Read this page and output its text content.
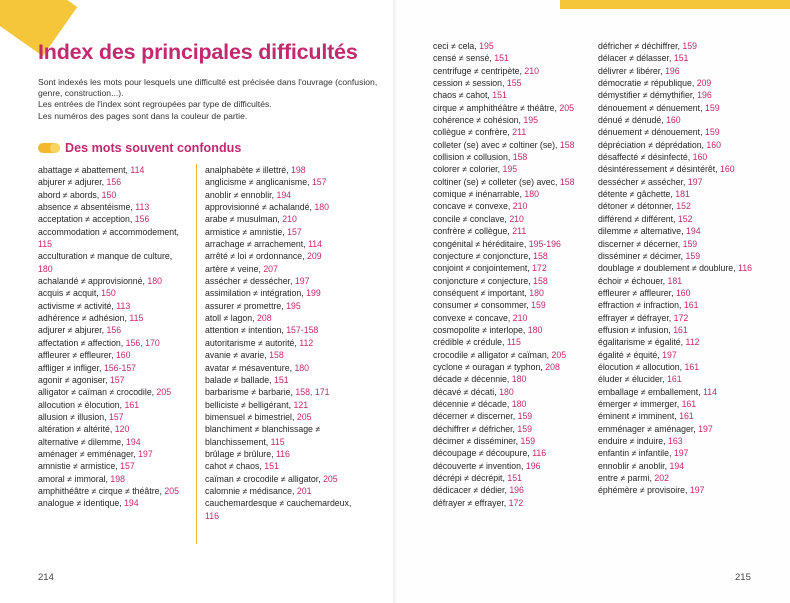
Index des principales difficultés

Sont indexés les mots pour lesquels une difficulté est précisée dans l'ouvrage (confusion, genre, construction...).

Les entrées de l'index sont regroupées par type de difficultés.

Les numéros des pages sont dans la couleur de partie.

Des mots souvent confondus
abattage ≠ abattement, 114
abjurer ≠ adjurer, 156
abord ≠ abords, 150
absence ≠ absentéisme, 113
acceptation ≠ acception, 156
accommodation ≠ accommodement, 115
acculturation ≠ manque de culture, 180
achalandé ≠ approvisionné, 180
acquis ≠ acquit, 150
activisme ≠ activité, 113
adhérence ≠ adhésion, 115
adjurer ≠ abjurer, 156
affectation ≠ affection, 156, 170
affleurer ≠ effleurer, 160
affliger ≠ infliger, 156-157
agonir ≠ agoniser, 157
alligator ≠ caïman ≠ crocodile, 205
allocution ≠ élocution, 161
allusion ≠ illusion, 157
altération ≠ altérité, 120
alternative ≠ dilemme, 194
aménager ≠ emménager, 197
amnistie ≠ armistice, 157
amoral ≠ immoral, 198
amphithéâtre ≠ cirque ≠ théâtre, 205
analogue ≠ identique, 194
analphabète ≠ illettré, 198
anglicisme ≠ anglicanisme, 157
anoblir ≠ ennoblir, 194
approvisionné ≠ achalandé, 180
arabe ≠ musulman, 210
armistice ≠ amnistie, 157
arrachage ≠ arrachement, 114
arrêté ≠ loi ≠ ordonnance, 209
artère ≠ veine, 207
assécher ≠ dessécher, 197
assimilation ≠ intégration, 199
assurer ≠ promettre, 195
atoll ≠ lagon, 208
attention ≠ intention, 157-158
autoritarisme ≠ autorité, 112
avanie ≠ avarie, 158
avatar ≠ mésaventure, 180
balade ≠ ballade, 151
barbarisme ≠ barbarie, 158, 171
belliciste ≠ belligérant, 121
bimensuel ≠ bimestriel, 205
blanchiment ≠ blanchissage ≠ blanchissement, 115
brûlage ≠ brûlure, 116
cahot ≠ chaos, 151
caïman ≠ crocodile ≠ alligator, 205
calomnie ≠ médisance, 201
cauchemardesque ≠ cauchemardeux, 116
ceci ≠ cela, 195
censé ≠ sensé, 151
centrifuge ≠ centripète, 210
cession ≠ session, 155
chaos ≠ cahot, 151
cirque ≠ amphithéâtre ≠ théâtre, 205
cohérence ≠ cohésion, 195
collègue ≠ confrère, 211
colleter (se) avec ≠ coltiner (se), 158
collision ≠ collusion, 158
colorer ≠ colorier, 195
coltiner (se) ≠ colleter (se) avec, 158
comique ≠ inénarrable, 180
concave ≠ convexe, 210
concile ≠ conclave, 210
confrère ≠ collègue, 211
congénital ≠ héréditaire, 195-196
conjecture ≠ conjoncture, 158
conjoint ≠ conjointement, 172
conjoncture ≠ conjecture, 158
conséquent ≠ important, 180
consumer ≠ consommer, 159
convexe ≠ concave, 210
cosmopolite ≠ interlope, 180
crédible ≠ crédule, 115
crocodile ≠ alligator ≠ caïman, 205
cyclone ≠ ouragan ≠ typhon, 208
décade ≠ décennie, 180
décavé ≠ décati, 180
décennie ≠ décade, 180
décerner ≠ discerner, 159
déchiffrer ≠ défricher, 159
décimer ≠ disséminer, 159
découpage ≠ découpure, 116
découverte ≠ invention, 196
décrépi ≠ décrépit, 151
dédicacer ≠ dédier, 196
défrayer ≠ effrayer, 172
défricher ≠ déchiffrer, 159
délacer ≠ délasser, 151
délivrer ≠ libérer, 196
démocratie ≠ république, 209
démystifier ≠ démythifier, 196
dénouement ≠ dénuement, 159
dénué ≠ dénudé, 160
dénuement ≠ dénouement, 159
dépréciation ≠ déprédation, 160
désaffecté ≠ désinfecté, 160
désintéressement ≠ désintérêt, 160
dessécher ≠ assécher, 197
détente ≠ gâchette, 181
détoner ≠ détonner, 152
différend ≠ différent, 152
dilemme ≠ alternative, 194
discerner ≠ décerner, 159
disséminer ≠ décimer, 159
doublage ≠ doublement ≠ doublure, 116
échoir ≠ échouer, 181
effleurer ≠ affleurer, 160
effraction ≠ infraction, 161
effrayer ≠ défrayer, 172
effusion ≠ infusion, 161
égalitarisme ≠ égalité, 112
égalité ≠ équité, 197
élocution ≠ allocution, 161
éluder ≠ élucider, 161
emballage ≠ emballement, 114
émerger ≠ immerger, 161
éminent ≠ imminent, 161
emménager ≠ aménager, 197
enduire ≠ induire, 163
enfantin ≠ infantile, 197
ennoblir ≠ anoblir, 194
entre ≠ parmi, 202
éphémère ≠ provisoire, 197
214	215
